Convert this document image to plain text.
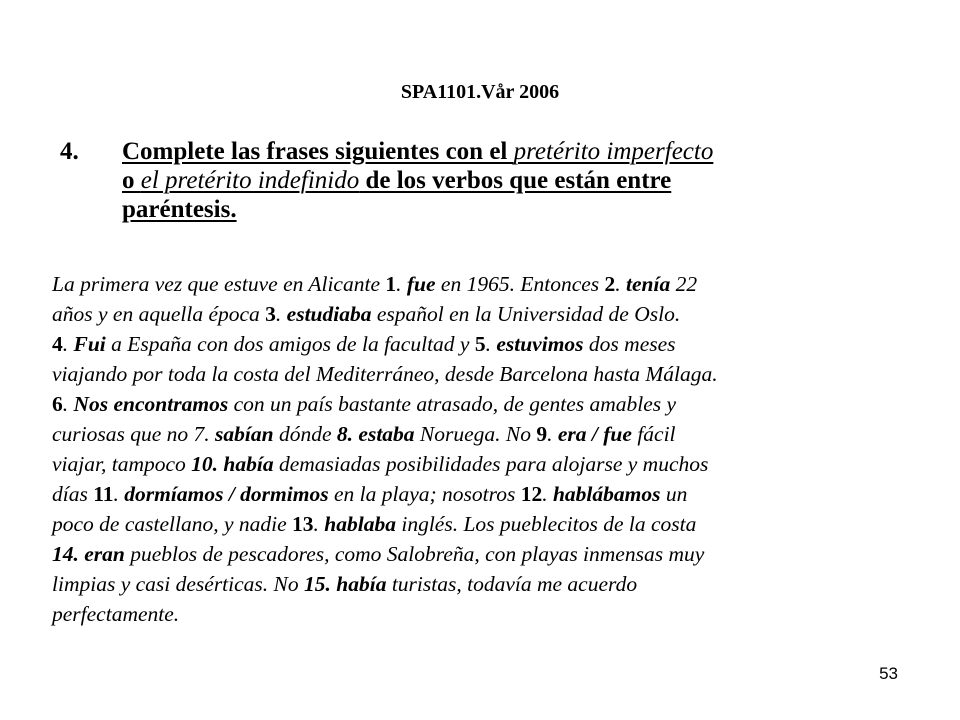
SPA1101.Vår 2006
4. Complete las frases siguientes con el pretérito imperfecto
o el pretérito indefinido de los verbos que están entre
paréntesis.
La primera vez que estuve en Alicante 1. fue en 1965. Entonces 2. tenía 22
años y en aquella época 3. estudiaba español en la Universidad de Oslo.
4. Fui a España con dos amigos de la facultad y 5. estuvimos dos meses
viajando por toda la costa del Mediterráneo, desde Barcelona hasta Málaga.
6. Nos encontramos con un país bastante atrasado, de gentes amables y
curiosas que no 7. sabían dónde 8. estaba Noruega. No 9. era / fue fácil
viajar, tampoco 10. había demasiadas posibilidades para alojarse y muchos
días 11. dormíamos / dormimos en la playa; nosotros 12. hablábamos un
poco de castellano, y nadie 13. hablaba inglés. Los pueblecitos de la costa
14. eran pueblos de pescadores, como Salobreña, con playas inmensas muy
limpias y casi desérticas. No 15. había turistas, todavía me acuerdo
perfectamente.
53
